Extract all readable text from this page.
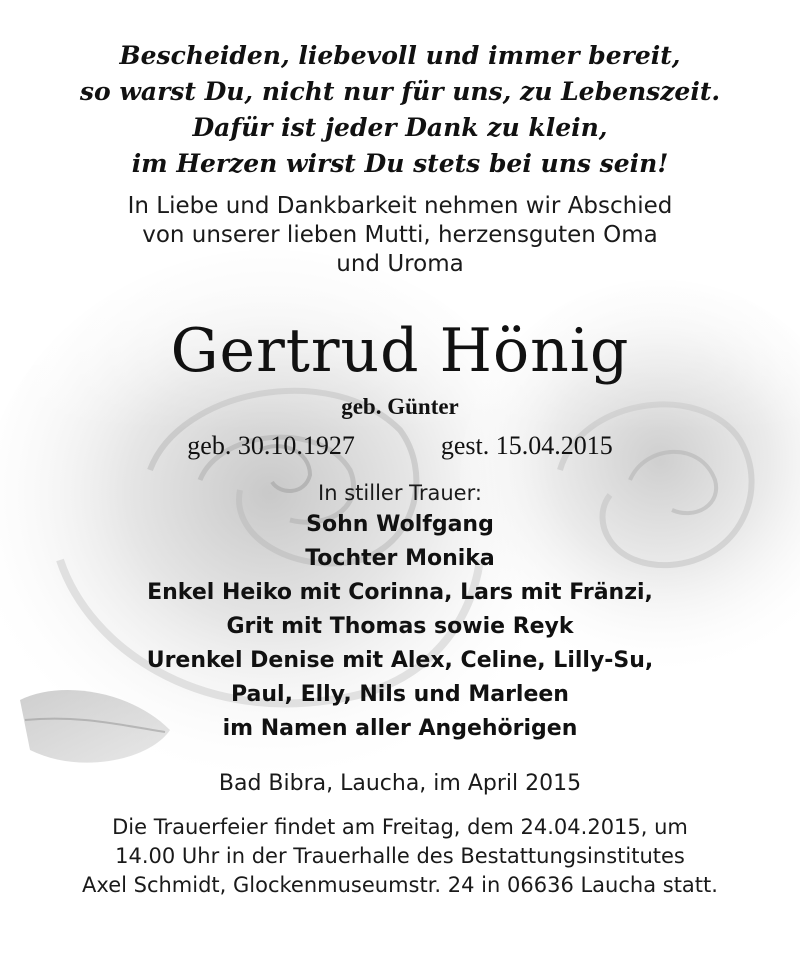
Bescheiden, liebevoll und immer bereit,
so warst Du, nicht nur für uns, zu Lebenszeit.
Dafür ist jeder Dank zu klein,
im Herzen wirst Du stets bei uns sein!
In Liebe und Dankbarkeit nehmen wir Abschied
von unserer lieben Mutti, herzensguten Oma
und Uroma
Gertrud Hönig
geb. Günter
geb. 30.10.1927	gest. 15.04.2015
In stiller Trauer:
Sohn Wolfgang
Tochter Monika
Enkel Heiko mit Corinna, Lars mit Fränzi,
Grit mit Thomas sowie Reyk
Urenkel Denise mit Alex, Celine, Lilly-Su,
Paul, Elly, Nils und Marleen
im Namen aller Angehörigen
Bad Bibra, Laucha, im April 2015
Die Trauerfeier findet am Freitag, dem 24.04.2015, um
14.00 Uhr in der Trauerhalle des Bestattungsinstitutes
Axel Schmidt, Glockenmuseumstr. 24 in 06636 Laucha statt.
